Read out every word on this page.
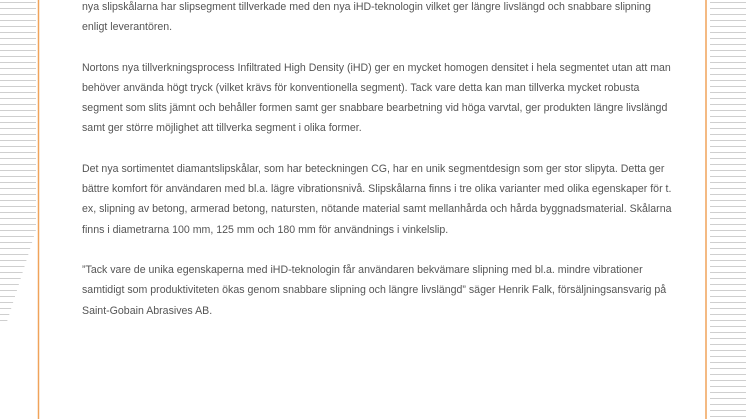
nya slipskålarna har slipsegment tillverkade med den nya iHD-teknologin vilket ger längre livslängd och snabbare slipning enligt leverantören.

Nortons nya tillverkningsprocess Infiltrated High Density (iHD) ger en mycket homogen densitet i hela segmentet utan att man behöver använda högt tryck (vilket krävs för konventionella segment). Tack vare detta kan man tillverka mycket robusta segment som slits jämnt och behåller formen samt ger snabbare bearbetning vid höga varvtal, ger produkten längre livslängd samt ger större möjlighet att tillverka segment i olika former.

Det nya sortimentet diamantslipskålar, som har beteckningen CG, har en unik segmentdesign som ger stor slipyta. Detta ger bättre komfort för användaren med bl.a. lägre vibrationsnivå. Slipskålarna finns i tre olika varianter med olika egenskaper för t. ex, slipning av betong, armerad betong, natursten, nötande material samt mellanhårda och hårda byggnadsmaterial. Skålarna finns i diametrarna 100 mm, 125 mm och 180 mm för användnings i vinkelslip.

”Tack vare de unika egenskaperna med iHD-teknologin får användaren bekvämare slipning med bl.a. mindre vibrationer samtidigt som produktiviteten ökas genom snabbare slipning och längre livslängd” säger Henrik Falk, försäljningsansvarig på Saint-Gobain Abrasives AB.
